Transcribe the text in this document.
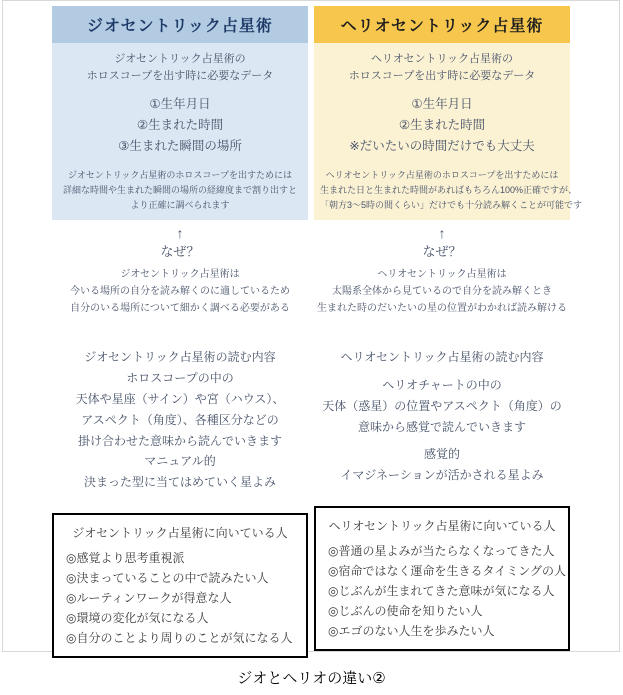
ジオセントリック占星術
ジオセントリック占星術の
ホロスコープを出す時に必要なデータ
①生年月日
②生まれた時間
③生まれた瞬間の場所
ジオセントリック占星術のホロスコープを出すためには
詳細な時間や生まれた瞬間の場所の経緯度まで割り出すと
より正確に調べられます
↑
なぜ？
ジオセントリック占星術は
今いる場所の自分を読み解くのに適しているため
自分のいる場所について細かく調べる必要がある
ジオセントリック占星術の読む内容
ホロスコープの中の
天体や星座（サイン）や宮（ハウス）、
アスペクト（角度）、各種区分などの
掛け合わせた意味から読んでいきます
マニュアル的
決まった型に当てはめていく星よみ
ジオセントリック占星術に向いている人
◎感覚より思考重視派
◎決まっていることの中で読みたい人
◎ルーティンワークが得意な人
◎環境の変化が気になる人
◎自分のことより周りのことが気になる人
ヘリオセントリック占星術
ヘリオセントリック占星術の
ホロスコープを出す時に必要なデータ
①生年月日
②生まれた時間
※だいたいの時間だけでも大丈夫
ヘリオセントリック占星術のホロスコープを出すためには
生まれた日と生まれた時間があればもちろん100%正確ですが、
「朝方3～5時の間くらい」だけでも十分読み解くことが可能です
↑
なぜ？
ヘリオセントリック占星術は
太陽系全体から見ているので自分を読み解くとき
生まれた時のだいたいの星の位置がわかれば読み解ける
ヘリオセントリック占星術の読む内容
ヘリオチャートの中の
天体（惑星）の位置やアスペクト（角度）の
意味から感覚で読んでいきます
感覚的
イマジネーションが活かされる星よみ
ヘリオセントリック占星術に向いている人
◎普通の星よみが当たらなくなってきた人
◎宿命ではなく運命を生きるタイミングの人
◎じぶんが生まれてきた意味が気になる人
◎じぶんの使命を知りたい人
◎エゴのない人生を歩みたい人
ジオとヘリオの違い②
